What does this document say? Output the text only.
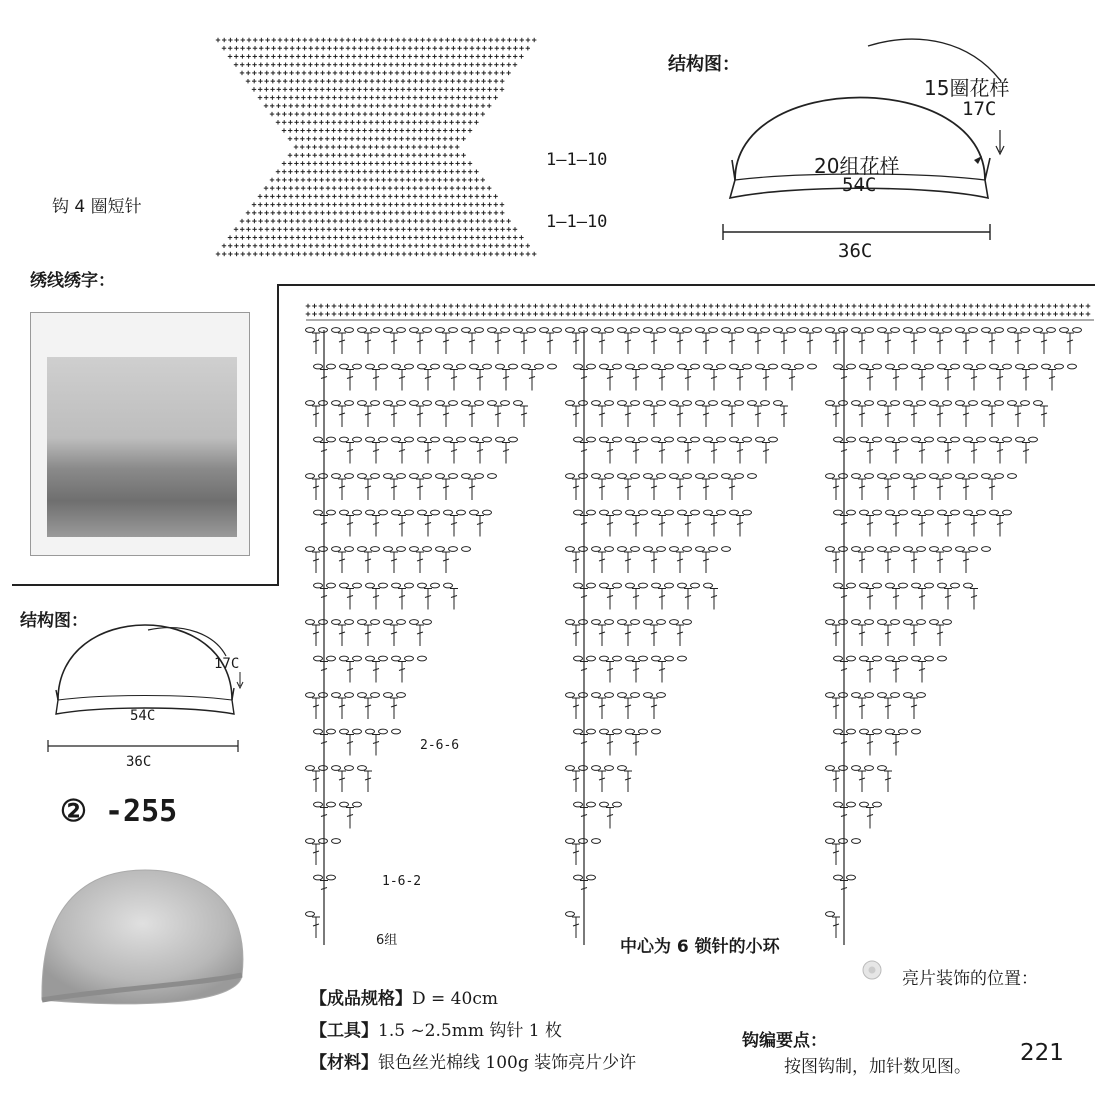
钩 4 圈短针
1—1—10
1—1—10
结构图：
15圈花样
17C
20组花样
54C
36C
绣线绣字：
结构图：
17C
54C
36C
② -255
2-6-6
1-6-2
6组	中心为 6 锁针的小环
亮片装饰的位置：
【成品规格】D = 40cm
【工具】1.5 ~2.5mm 钩针 1 枚
【材料】银色丝光棉线 100g 装饰亮片少许
钩编要点：
按图钩制，加针数见图。
221
